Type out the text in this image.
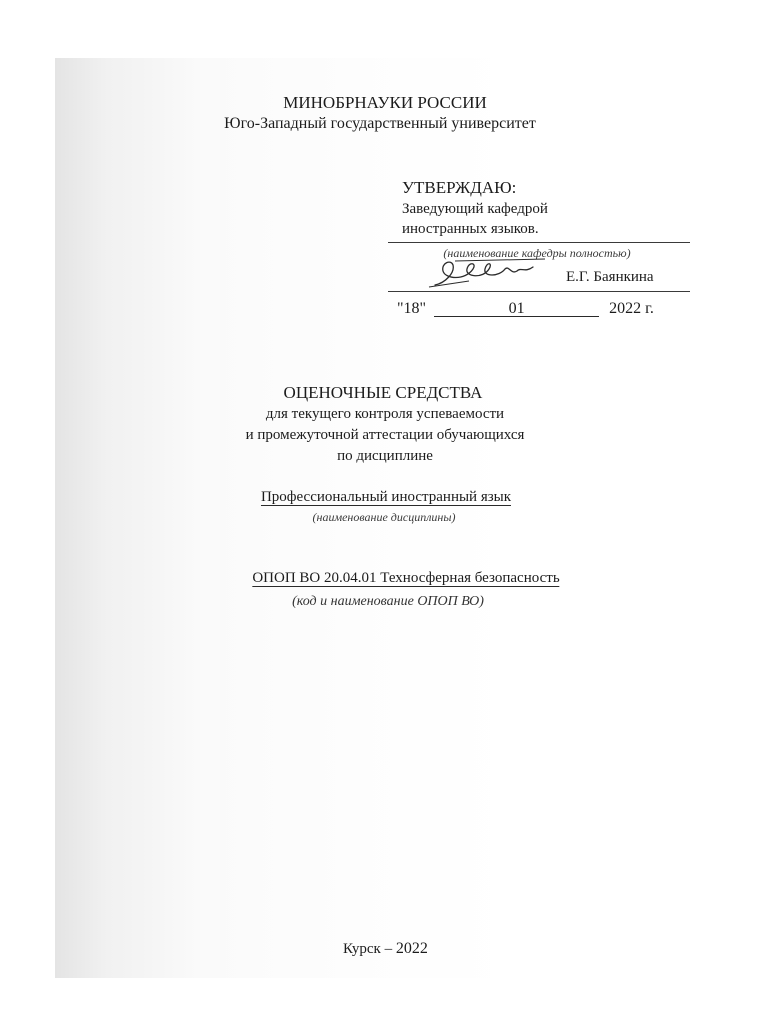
МИНОБРНАУКИ РОССИИ
Юго-Западный государственный университет
УТВЕРЖДАЮ:
Заведующий кафедрой
иностранных языков.
(наименование кафедры полностью)
Е.Г. Баянкина
"18"	01	2022 г.
ОЦЕНОЧНЫЕ СРЕДСТВА
для текущего контроля успеваемости
и промежуточной аттестации обучающихся
по дисциплине
Профессиональный иностранный язык
(наименование дисциплины)
ОПОП ВО 20.04.01 Техносферная безопасность
(код и наименование ОПОП ВО)
Курск – 2022
